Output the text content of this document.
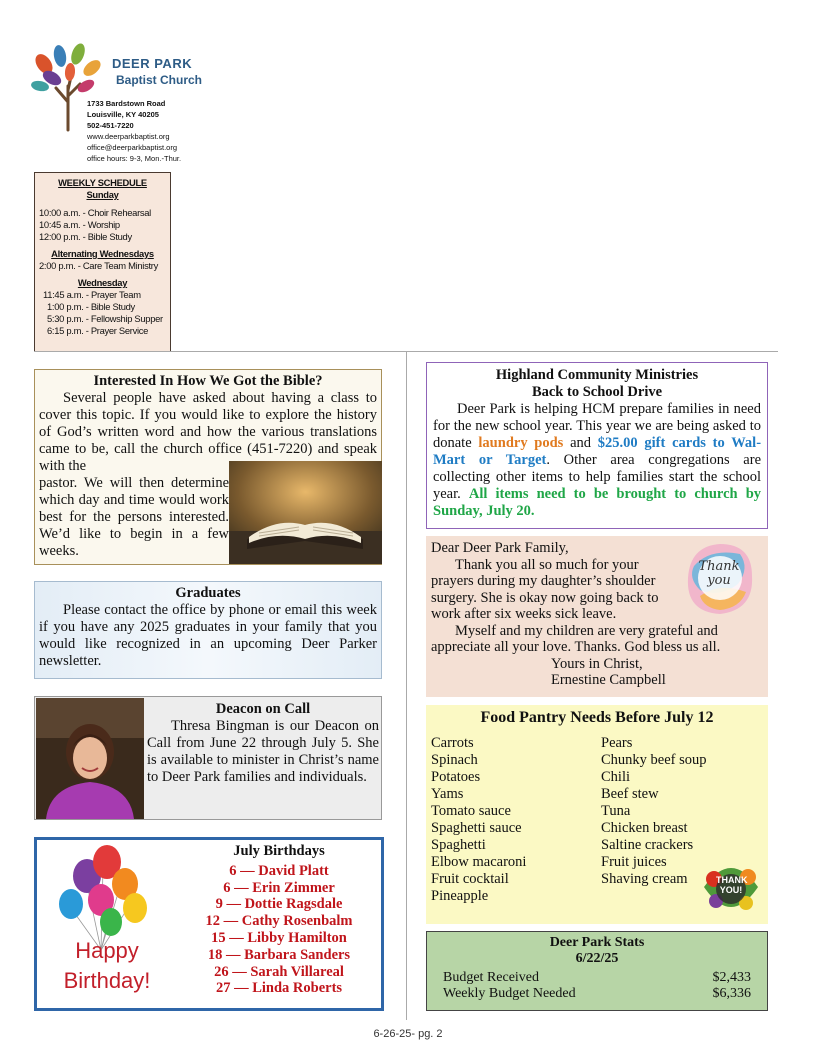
DEER PARK
Baptist Church
1733 Bardstown Road
Louisville, KY 40205
502-451-7220
www.deerparkbaptist.org
office@deerparkbaptist.org
office hours: 9-3, Mon.-Thur.
WEEKLY SCHEDULE
Sunday
10:00 a.m. - Choir Rehearsal
10:45 a.m. - Worship
12:00 p.m. - Bible Study
Alternating Wednesdays
2:00 p.m. - Care Team Ministry
Wednesday
11:45 a.m. - Prayer Team
1:00 p.m. - Bible Study
5:30 p.m. - Fellowship Supper
6:15 p.m. - Prayer Service
Interested In How We Got the Bible?

Several people have asked about having a class to cover this topic. If you would like to explore the history of God’s written word and how the various translations came to be, call the church office (451-7220) and speak with the

pastor. We will then determine which day and time would work best for the persons interested. We’d like to begin in a few weeks.

Graduates

Please contact the office by phone or email this week if you have any 2025 graduates in your family that you would like recognized in an upcoming Deer Parker newsletter.

Deacon on Call

Thresa Bingman is our Deacon on Call from June 22 through July 5. She is available to minister in Christ’s name to Deer Park families and individuals.

Happy
Birthday!
July Birthdays
6 — David Platt
6 — Erin Zimmer
9 — Dottie Ragsdale
12 — Cathy Rosenbalm
15 — Libby Hamilton
18 — Barbara Sanders
26 — Sarah Villareal
27 — Linda Roberts
Highland Community Ministries
Back to School Drive

Deer Park is helping HCM prepare families in need for the new school year. This year we are being asked to donate laundry pods and $25.00 gift cards to Wal-Mart or Target. Other area congregations are collecting other items to help families start the school year. All items need to be brought to church by Sunday, July 20.

Dear Deer Park Family,

Thank you all so much for your prayers during my daughter’s shoulder surgery. She is okay now going back to work after six weeks sick leave.

Myself and my children are very grateful and appreciate all your love. Thanks. God bless us all.

Yours in Christ,
Ernestine Campbell
Thank
you
Food Pantry Needs Before July 12
Carrots
Spinach
Potatoes
Yams
Tomato sauce
Spaghetti sauce
Spaghetti
Elbow macaroni
Fruit cocktail
Pineapple
Pears
Chunky beef soup
Chili
Beef stew
Tuna
Chicken breast
Saltine crackers
Fruit juices
Shaving cream	THANK
YOU!
Deer Park Stats
6/22/25
Budget Received	$2,433
Weekly Budget Needed	$6,336
6-26-25- pg. 2
